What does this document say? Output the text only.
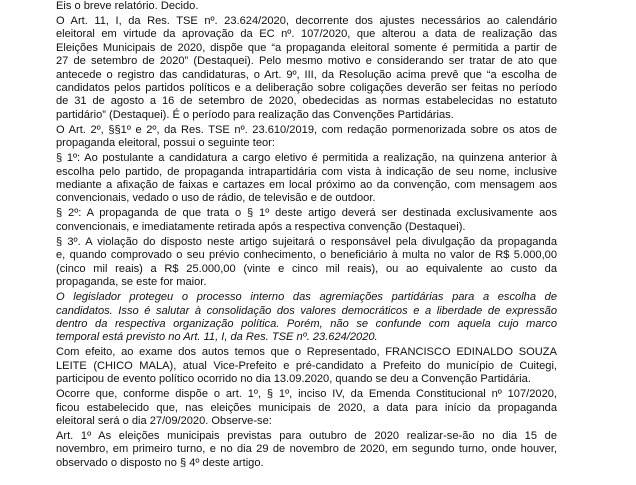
Eis o breve relatório. Decido.

O Art. 11, I, da Res. TSE nº. 23.624/2020, decorrente dos ajustes necessários ao calendário
eleitoral em virtude da aprovação da EC nº. 107/2020, que alterou a data de realização das
Eleições Municipais de 2020, dispõe que “a propaganda eleitoral somente é permitida a partir de
27 de setembro de 2020” (Destaquei). Pelo mesmo motivo e considerando ser tratar de ato que
antecede o registro das candidaturas, o Art. 9º, III, da Resolução acima prevê que “a escolha de
candidatos pelos partidos políticos e a deliberação sobre coligações deverão ser feitas no período
de 31 de agosto a 16 de setembro de 2020, obedecidas as normas estabelecidas no estatuto
partidário” (Destaquei). É o período para realização das Convenções Partidárias.

O Art. 2º, §§1º e 2º, da Res. TSE nº. 23.610/2019, com redação pormenorizada sobre os atos de
propaganda eleitoral, possui o seguinte teor:

§ 1º: Ao postulante a candidatura a cargo eletivo é permitida a realização, na quinzena anterior à
escolha pelo partido, de propaganda intrapartidária com vista à indicação de seu nome, inclusive
mediante a afixação de faixas e cartazes em local próximo ao da convenção, com mensagem aos
convencionais, vedado o uso de rádio, de televisão e de outdoor.

§ 2º: A propaganda de que trata o § 1º deste artigo deverá ser destinada exclusivamente aos
convencionais, e imediatamente retirada após a respectiva convenção (Destaquei).

§ 3º. A violação do disposto neste artigo sujeitará o responsável pela divulgação da propaganda
e, quando comprovado o seu prévio conhecimento, o beneficiário à multa no valor de R$ 5.000,00
(cinco mil reais) a R$ 25.000,00 (vinte e cinco mil reais), ou ao equivalente ao custo da
propaganda, se este for maior.

O legislador protegeu o processo interno das agremiações partidárias para a escolha de
candidatos. Isso é salutar à consolidação dos valores democráticos e a liberdade de expressão
dentro da respectiva organização política. Porém, não se confunde com aquela cujo marco
temporal está previsto no Art. 11, I, da Res. TSE nº. 23.624/2020.

Com efeito, ao exame dos autos temos que o Representado, FRANCISCO EDINALDO SOUZA
LEITE (CHICO MALA), atual Vice-Prefeito e pré-candidato a Prefeito do município de Cuitegi,
participou de evento político ocorrido no dia 13.09.2020, quando se deu a Convenção Partidária.

Ocorre que, conforme dispõe o art. 1º, § 1º, inciso IV, da Emenda Constitucional nº 107/2020,
ficou estabelecido que, nas eleições municipais de 2020, a data para início da propaganda
eleitoral será o dia 27/09/2020. Observe-se:

Art. 1º As eleições municipais previstas para outubro de 2020 realizar-se-ão no dia 15 de
novembro, em primeiro turno, e no dia 29 de novembro de 2020, em segundo turno, onde houver,
observado o disposto no § 4º deste artigo.
